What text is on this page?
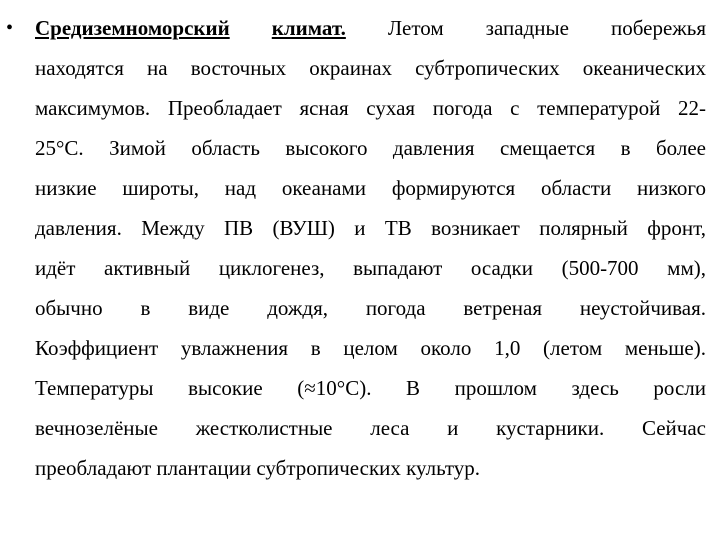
• Средиземноморский климат. Летом западные побережья
находятся на восточных окраинах субтропических океанических
максимумов. Преобладает ясная сухая погода с температурой 22-
25°С. Зимой область высокого давления смещается в более
низкие широты, над океанами формируются области низкого
давления. Между ПВ (ВУШ) и ТВ возникает полярный фронт,
идёт активный циклогенез, выпадают осадки (500-700 мм),
обычно в виде дождя, погода ветреная неустойчивая.
Коэффициент увлажнения в целом около 1,0 (летом меньше).
Температуры высокие (≈10°С). В прошлом здесь росли
вечнозелёные жестколистные леса и кустарники. Сейчас
преобладают плантации субтропических культур.
